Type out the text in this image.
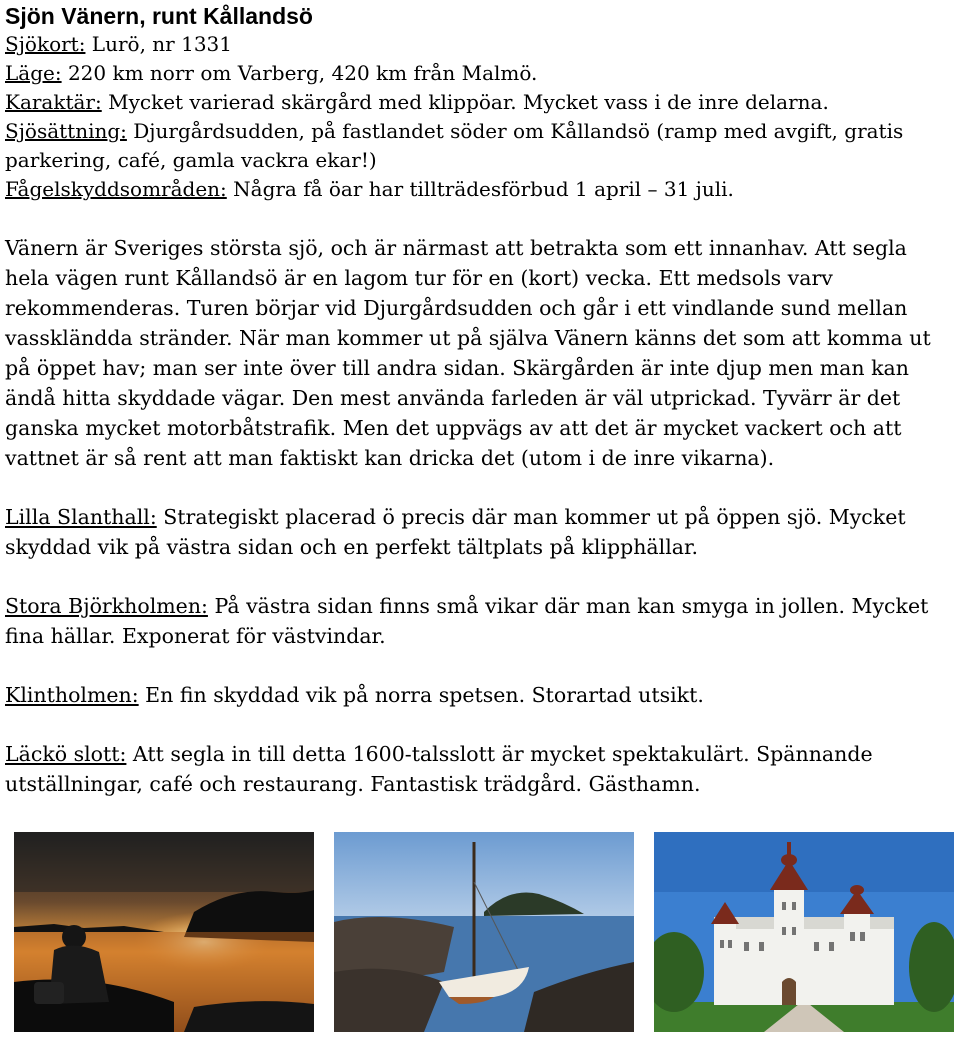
Sjön Vänern, runt Kållandsö

Sjökort: Lurö, nr 1331

Läge: 220 km norr om Varberg, 420 km från Malmö.

Karaktär: Mycket varierad skärgård med klippöar. Mycket vass i de inre delarna.

Sjösättning: Djurgårdsudden, på fastlandet söder om Kållandsö (ramp med avgift, gratis

parkering, café, gamla vackra ekar!)

Fågelskyddsområden: Några få öar har tillträdesförbud 1 april – 31 juli.

Vänern är Sveriges största sjö, och är närmast att betrakta som ett innanhav. Att segla

hela vägen runt Kållandsö är en lagom tur för en (kort) vecka. Ett medsols varv

rekommenderas. Turen börjar vid Djurgårdsudden och går i ett vindlande sund mellan

vasskländda stränder. När man kommer ut på själva Vänern känns det som att komma ut

på öppet hav; man ser inte över till andra sidan. Skärgården är inte djup men man kan

ändå hitta skyddade vägar. Den mest använda farleden är väl utprickad. Tyvärr är det

ganska mycket motorbåtstrafik. Men det uppvägs av att det är mycket vackert och att

vattnet är så rent att man faktiskt kan dricka det (utom i de inre vikarna).

Lilla Slanthall: Strategiskt placerad ö precis där man kommer ut på öppen sjö. Mycket

skyddad vik på västra sidan och en perfekt tältplats på klipphällar.

Stora Björkholmen: På västra sidan finns små vikar där man kan smyga in jollen. Mycket

fina hällar. Exponerat för västvindar.

Klintholmen: En fin skyddad vik på norra spetsen. Storartad utsikt.

Läckö slott: Att segla in till detta 1600-talsslott är mycket spektakulärt. Spännande

utställningar, café och restaurang. Fantastisk trädgård. Gästhamn.
